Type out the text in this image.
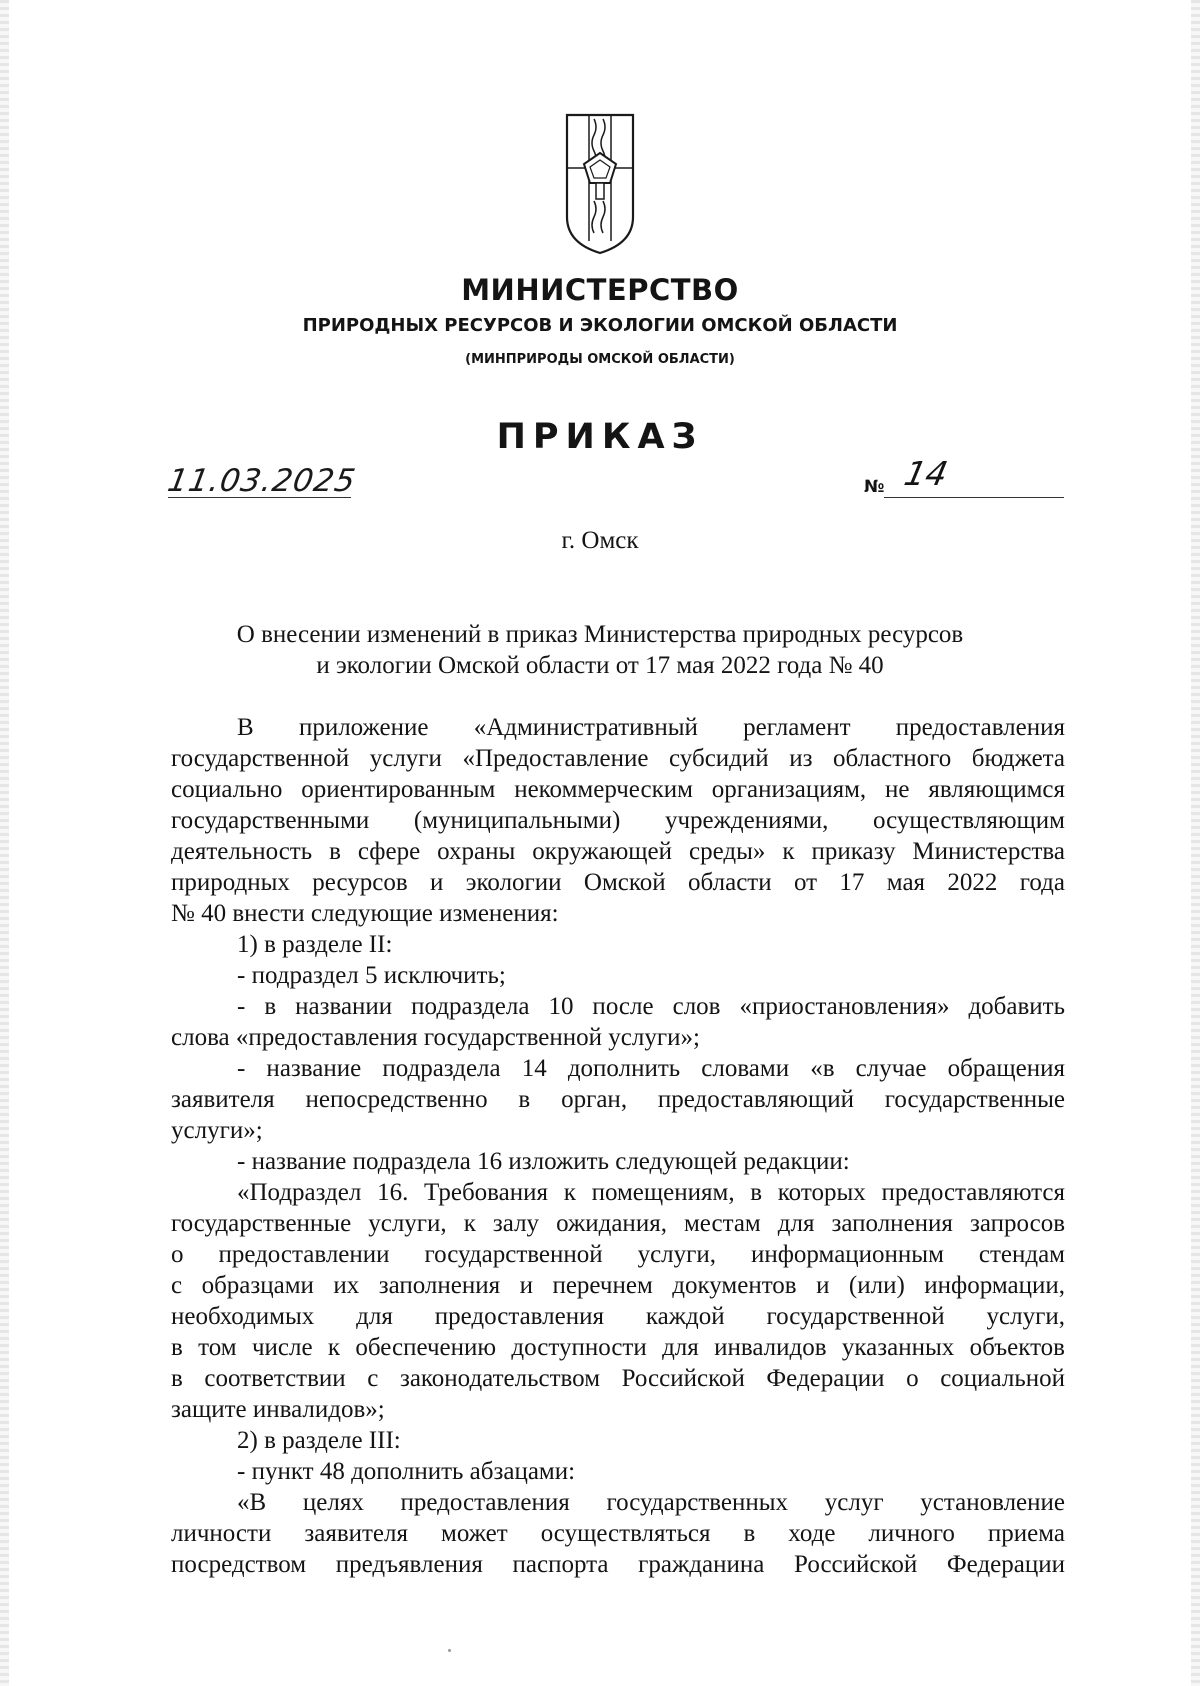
МИНИСТЕРСТВО
ПРИРОДНЫХ РЕСУРСОВ И ЭКОЛОГИИ ОМСКОЙ ОБЛАСТИ
(МИНПРИРОДЫ ОМСКОЙ ОБЛАСТИ)
ПРИКАЗ
11.03.2025	№ 14
г. Омск
О внесении изменений в приказ Министерства природных ресурсов
и экологии Омской области от 17 мая 2022 года № 40

В приложение «Административный регламент предоставления

государственной услуги «Предоставление субсидий из областного бюджета

социально ориентированным некоммерческим организациям, не являющимся

государственными (муниципальными) учреждениями, осуществляющим

деятельность в сфере охраны окружающей среды» к приказу Министерства

природных ресурсов и экологии Омской области от 17 мая 2022 года

№ 40 внести следующие изменения:

1) в разделе II:

- подраздел 5 исключить;

- в названии подраздела 10 после слов «приостановления» добавить

слова «предоставления государственной услуги»;

- название подраздела 14 дополнить словами «в случае обращения

заявителя непосредственно в орган, предоставляющий государственные

услуги»;

- название подраздела 16 изложить следующей редакции:

«Подраздел 16. Требования к помещениям, в которых предоставляются

государственные услуги, к залу ожидания, местам для заполнения запросов

о предоставлении государственной услуги, информационным стендам

с образцами их заполнения и перечнем документов и (или) информации,

необходимых для предоставления каждой государственной услуги,

в том числе к обеспечению доступности для инвалидов указанных объектов

в соответствии с законодательством Российской Федерации о социальной

защите инвалидов»;

2) в разделе III:

- пункт 48 дополнить абзацами:

«В целях предоставления государственных услуг установление

личности заявителя может осуществляться в ходе личного приема

посредством предъявления паспорта гражданина Российской Федерации
